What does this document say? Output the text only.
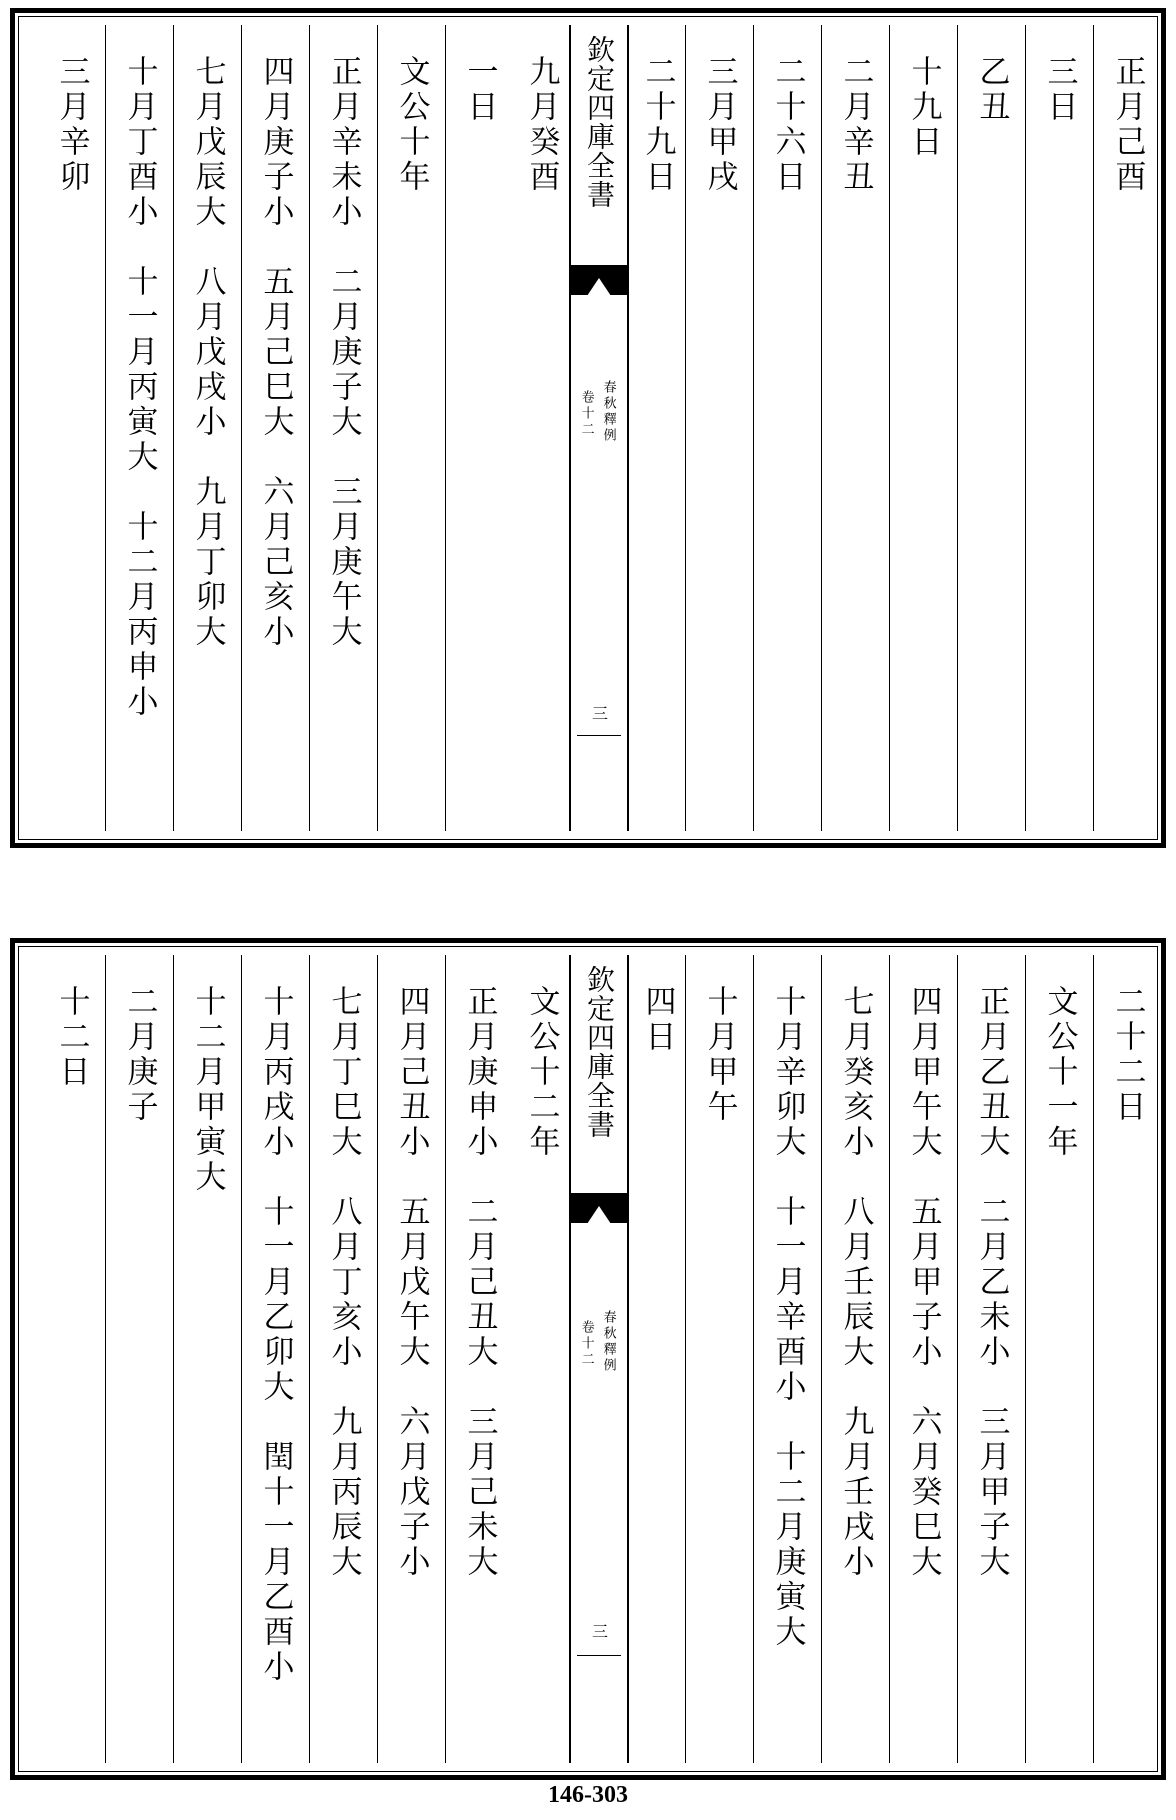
正月己酉
三日
乙丑
十九日
二月辛丑
二十六日
三月甲戌
二十九日
欽定四庫全書
春秋釋例
卷十二
三
九月癸酉
一日
文公十年
正月辛未小　二月庚子大　三月庚午大
四月庚子小　五月己巳大　六月己亥小
七月戊辰大　八月戊戌小　九月丁卯大
十月丁酉小　十一月丙寅大　十二月丙申小
三月辛卯
二十二日
文公十一年
正月乙丑大　二月乙未小　三月甲子大
四月甲午大　五月甲子小　六月癸巳大
七月癸亥小　八月壬辰大　九月壬戌小
十月辛卯大　十一月辛酉小　十二月庚寅大
十月甲午
四日
欽定四庫全書
春秋釋例
卷十二
三
文公十二年
正月庚申小　二月己丑大　三月己未大
四月己丑小　五月戊午大　六月戊子小
七月丁巳大　八月丁亥小　九月丙辰大
十月丙戌小　十一月乙卯大　閏十一月乙酉小
十二月甲寅大
二月庚子
十二日
146-303
